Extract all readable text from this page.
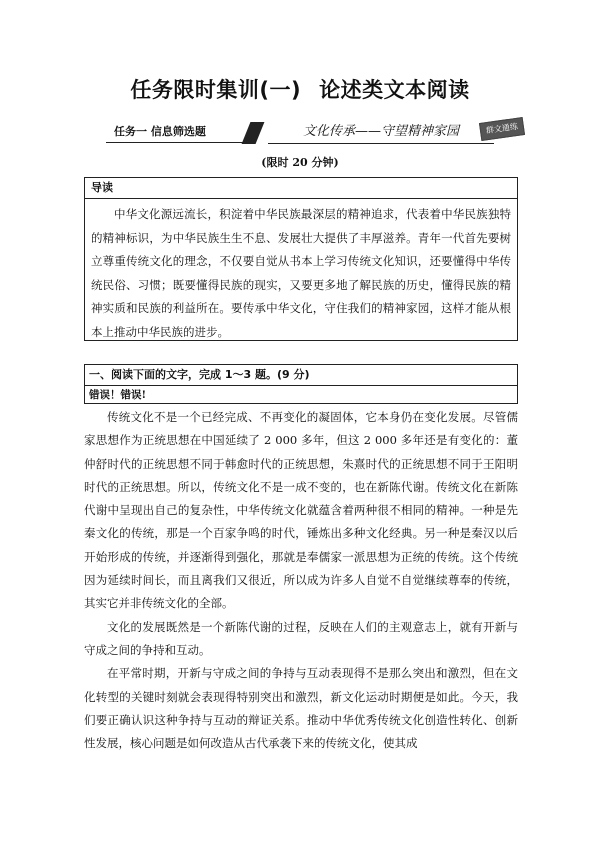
任务限时集训(一) 论述类文本阅读
任务一 信息筛选题	文化传承——守望精神家园	群文通练
(限时 20 分钟)
导读
中华文化源远流长，积淀着中华民族最深层的精神追求，代表着中华民族独特的精神标识，为中华民族生生不息、发展壮大提供了丰厚滋养。青年一代首先要树立尊重传统文化的理念，不仅要自觉从书本上学习传统文化知识，还要懂得中华传统民俗、习惯；既要懂得民族的现实，又要更多地了解民族的历史，懂得民族的精神实质和民族的利益所在。要传承中华文化，守住我们的精神家园，这样才能从根本上推动中华民族的进步。
一、阅读下面的文字，完成 1～3 题。(9 分)
错误！错误!

传统文化不是一个已经完成、不再变化的凝固体，它本身仍在变化发展。尽管儒家思想作为正统思想在中国延续了 2 000 多年，但这 2 000 多年还是有变化的：董仲舒时代的正统思想不同于韩愈时代的正统思想，朱熹时代的正统思想不同于王阳明时代的正统思想。所以，传统文化不是一成不变的，也在新陈代谢。传统文化在新陈代谢中呈现出自己的复杂性，中华传统文化就蕴含着两种很不相同的精神。一种是先秦文化的传统，那是一个百家争鸣的时代，锤炼出多种文化经典。另一种是秦汉以后开始形成的传统，并逐渐得到强化，那就是奉儒家一派思想为正统的传统。这个传统因为延续时间长，而且离我们又很近，所以成为许多人自觉不自觉继续尊奉的传统，其实它并非传统文化的全部。

文化的发展既然是一个新陈代谢的过程，反映在人们的主观意志上，就有开新与守成之间的争持和互动。

在平常时期，开新与守成之间的争持与互动表现得不是那么突出和激烈，但在文化转型的关键时刻就会表现得特别突出和激烈，新文化运动时期便是如此。今天，我们要正确认识这种争持与互动的辩证关系。推动中华优秀传统文化创造性转化、创新性发展，核心问题是如何改造从古代承袭下来的传统文化，使其成
